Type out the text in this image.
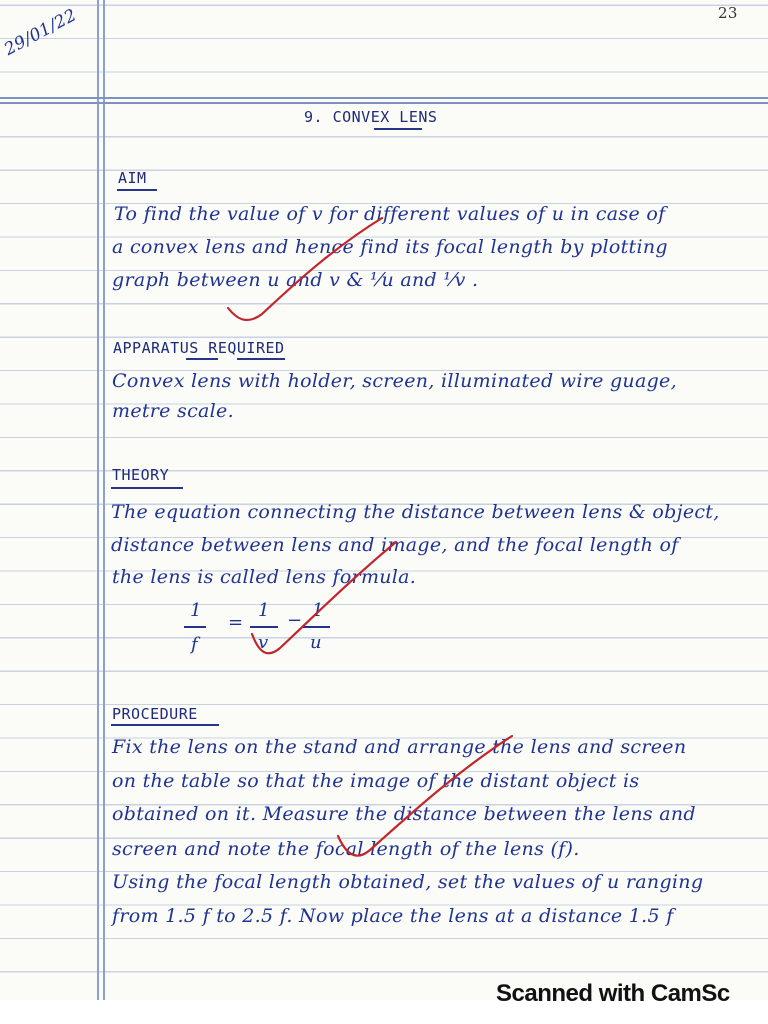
23
29/01/22
9. CONVEX LENS
AIM
To find the value of v for different values of u in case of
a convex lens and hence find its focal length by plotting
graph between u and v & ¹⁄u and ¹⁄v .
APPARATUS REQUIRED
Convex lens with holder, screen, illuminated wire guage,
metre scale.
THEORY
The equation connecting the distance between lens & object,
distance between lens and image, and the focal length of
the lens is called lens formula.
1
f
=
1
v
− 1
u
PROCEDURE
Fix the lens on the stand and arrange the lens and screen
on the table so that the image of the distant object is
obtained on it. Measure the distance between the lens and
screen and note the focal length of the lens (f).
Using the focal length obtained, set the values of u ranging
from 1.5 f to 2.5 f. Now place the lens at a distance 1.5 f
Scanned with CamSc
